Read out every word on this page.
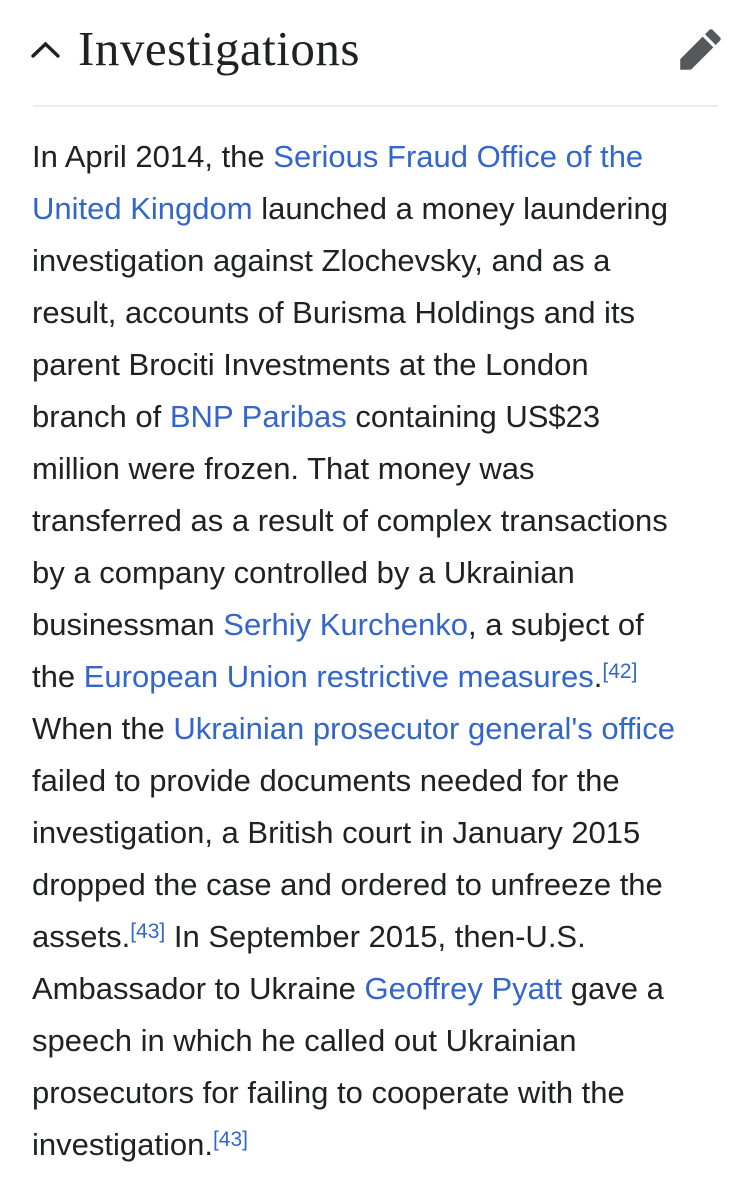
Investigations
In April 2014, the Serious Fraud Office of the
United Kingdom launched a money laundering
investigation against Zlochevsky, and as a
result, accounts of Burisma Holdings and its
parent Brociti Investments at the London
branch of BNP Paribas containing US$23
million were frozen. That money was
transferred as a result of complex transactions
by a company controlled by a Ukrainian
businessman Serhiy Kurchenko, a subject of
the European Union restrictive measures.[42]
When the Ukrainian prosecutor general's office
failed to provide documents needed for the
investigation, a British court in January 2015
dropped the case and ordered to unfreeze the
assets.[43] In September 2015, then-U.S.
Ambassador to Ukraine Geoffrey Pyatt gave a
speech in which he called out Ukrainian
prosecutors for failing to cooperate with the
investigation.[43]
